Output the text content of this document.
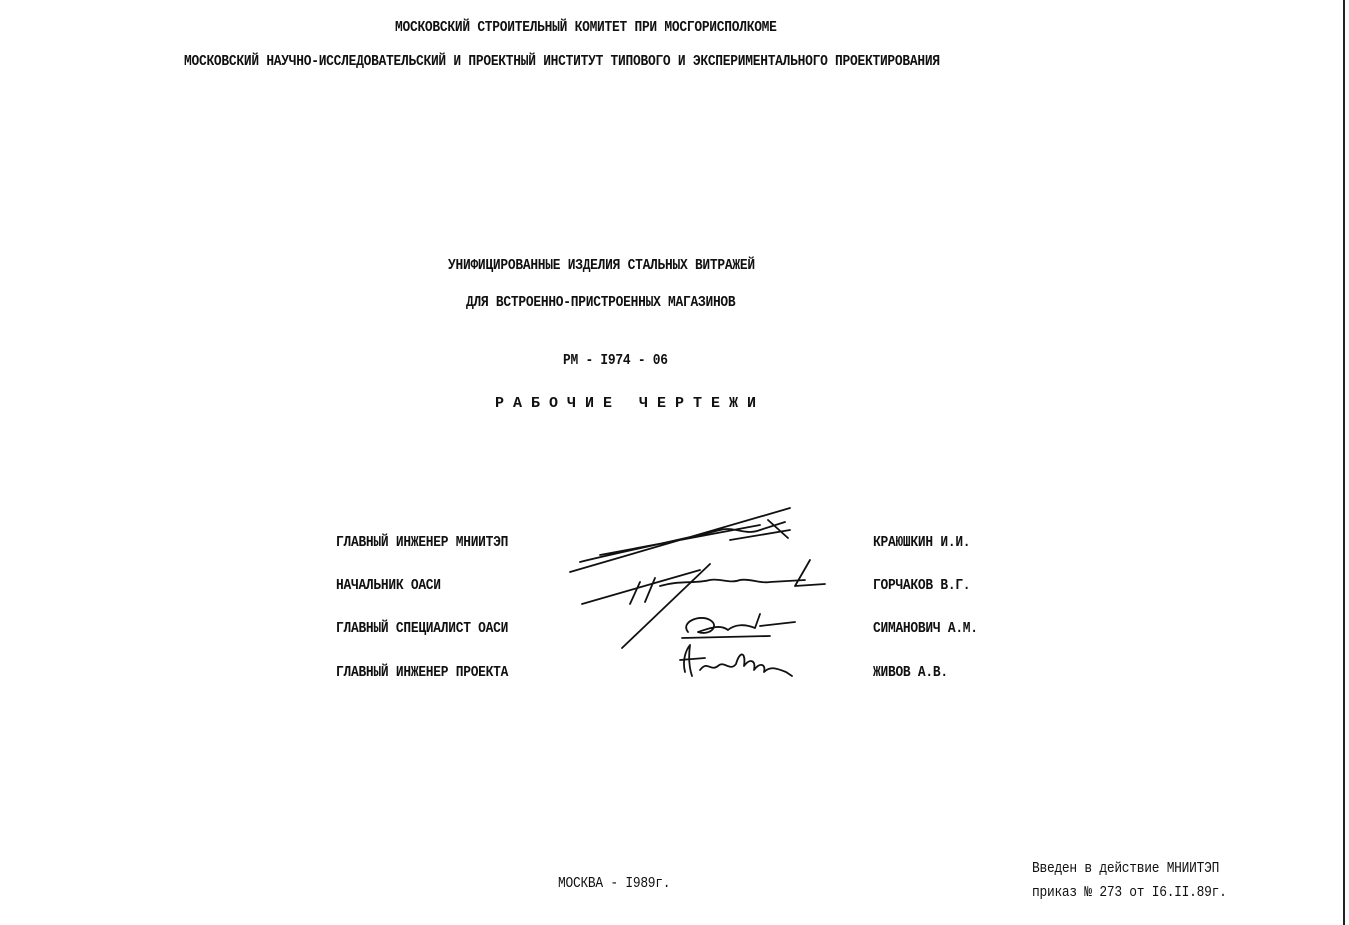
МОСКОВСКИЙ СТРОИТЕЛЬНЫЙ КОМИТЕТ ПРИ МОСГОРИСПОЛКОМЕ
МОСКОВСКИЙ НАУЧНО-ИССЛЕДОВАТЕЛЬСКИЙ И ПРОЕКТНЫЙ ИНСТИТУТ ТИПОВОГО И ЭКСПЕРИМЕНТАЛЬНОГО ПРОЕКТИРОВАНИЯ
УНИФИЦИРОВАННЫЕ ИЗДЕЛИЯ СТАЛЬНЫХ ВИТРАЖЕЙ
ДЛЯ ВСТРОЕННО-ПРИСТРОЕННЫХ МАГАЗИНОВ
РМ - I974 - 06
РАБОЧИЕ ЧЕРТЕЖИ
ГЛАВНЫЙ ИНЖЕНЕР МНИИТЭП	КРАЮШКИН И.И.
НАЧАЛЬНИК ОАСИ	ГОРЧАКОВ В.Г.
ГЛАВНЫЙ СПЕЦИАЛИСТ ОАСИ	СИМАНОВИЧ А.М.
ГЛАВНЫЙ ИНЖЕНЕР ПРОЕКТА	ЖИВОВ А.В.
МОСКВА - I989г.
Введен в действие МНИИТЭП
приказ № 273 от I6.II.89г.
